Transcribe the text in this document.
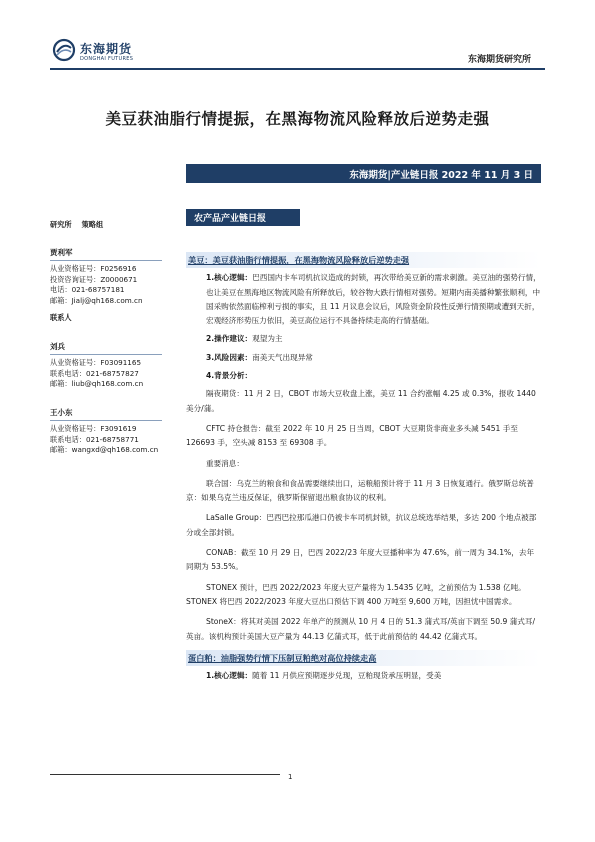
东海期货
DONGHAI FUTURES	东海期货研究所
美豆获油脂行情提振，在黑海物流风险释放后逆势走强
东海期货|产业链日报 2022 年 11 月 3 日
研究所 策略组
贾利军
从业资格证号：F0256916
投资咨询证号：Z0000671
电话：021-68757181
邮箱：Jialj@qh168.com.cn
联系人
刘兵
从业资格证号：F03091165
联系电话：021-68757827
邮箱：liub@qh168.com.cn
王小东
从业资格证号：F3091619
联系电话：021-68758771
邮箱：wangxd@qh168.com.cn
农产品产业链日报
美豆：美豆获油脂行情提振，在黑海物流风险释放后逆势走强
1.核心逻辑：巴西国内卡车司机抗议造成的封锁，再次带给美豆新的需求刺激。美豆油的强势行情，也让美豆在黑海地区物流风险有所释放后，较谷物大跌行情相对强势。短期内南美播种繁张顺利，中国采购依然面临榨利亏损的事实，且 11 月议息会议后，风险资金阶段性反弹行情预期或遭到天折，宏观经济形势压力依旧，美豆高位运行不具备持续走高的行情基础。
2.操作建议：观望为主
3.风险因素：南美天气出现异常
4.背景分析：

隔夜期货：11 月 2 日，CBOT 市场大豆收盘上涨，美豆 11 合约涨幅 4.25 或 0.3%，报收 1440 美分/蒲。

CFTC 持仓报告：截至 2022 年 10 月 25 日当周，CBOT 大豆期货非商业多头减 5451 手至 126693 手，空头减 8153 至 69308 手。

重要消息：

联合国：乌克兰的粮食和食品需要继续出口，运粮船预计将于 11 月 3 日恢复通行。俄罗斯总统普京：如果乌克兰违反保证，俄罗斯保留退出粮食协议的权利。

LaSalle Group：巴西巴拉那瓜港口仍被卡车司机封锁，抗议总统选举结果，多达 200 个地点被部分或全部封锁。

CONAB：截至 10 月 29 日，巴西 2022/23 年度大豆播种率为 47.6%，前一周为 34.1%，去年同期为 53.5%。

STONEX 预计，巴西 2022/2023 年度大豆产量将为 1.5435 亿吨，之前预估为 1.538 亿吨。STONEX 将巴西 2022/2023 年度大豆出口预估下调 400 万吨至 9,600 万吨，因担忧中国需求。

StoneX：将其对美国 2022 年单产的预测从 10 月 4 日的 51.3 蒲式耳/英亩下调至 50.9 蒲式耳/英亩。该机构预计美国大豆产量为 44.13 亿蒲式耳，低于此前预估的 44.42 亿蒲式耳。

蛋白粕：油脂强势行情下压制豆粕绝对高位持续走高
1.核心逻辑：随着 11 月供应预期逐步兑现，豆粕现货承压明显，受美
1
